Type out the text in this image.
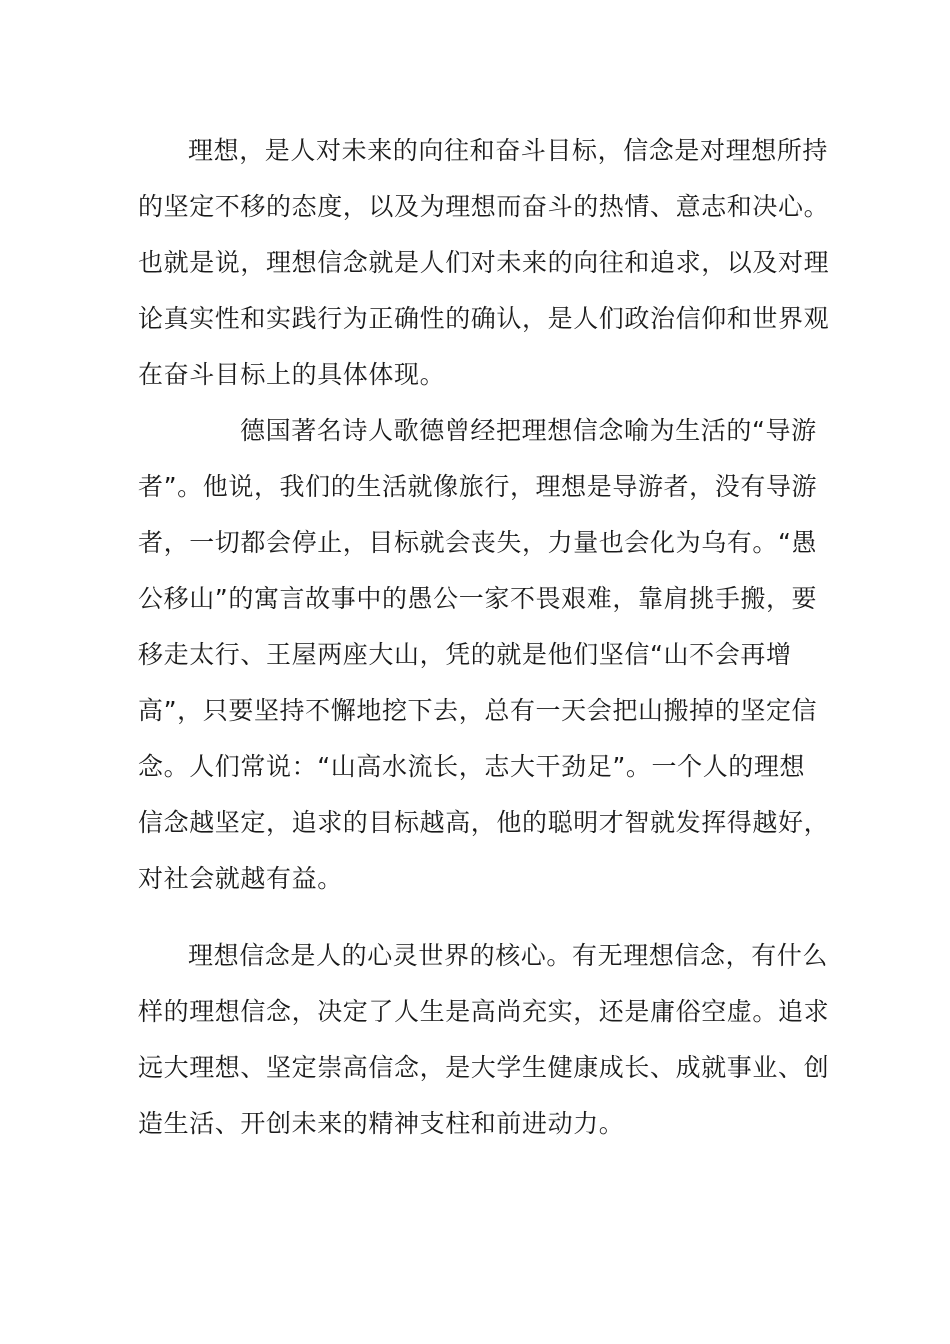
理想，是人对未来的向往和奋斗目标，信念是对理想所持
的坚定不移的态度，以及为理想而奋斗的热情、意志和决心。
也就是说，理想信念就是人们对未来的向往和追求，以及对理
论真实性和实践行为正确性的确认，是人们政治信仰和世界观
在奋斗目标上的具体体现。
德国著名诗人歌德曾经把理想信念喻为生活的“导游
者”。他说，我们的生活就像旅行，理想是导游者，没有导游
者，一切都会停止，目标就会丧失，力量也会化为乌有。“愚
公移山”的寓言故事中的愚公一家不畏艰难，靠肩挑手搬，要
移走太行、王屋两座大山，凭的就是他们坚信“山不会再增
高”，只要坚持不懈地挖下去，总有一天会把山搬掉的坚定信
念。人们常说：“山高水流长，志大干劲足”。一个人的理想
信念越坚定，追求的目标越高，他的聪明才智就发挥得越好，
对社会就越有益。
理想信念是人的心灵世界的核心。有无理想信念，有什么
样的理想信念，决定了人生是高尚充实，还是庸俗空虚。追求
远大理想、坚定崇高信念，是大学生健康成长、成就事业、创
造生活、开创未来的精神支柱和前进动力。
